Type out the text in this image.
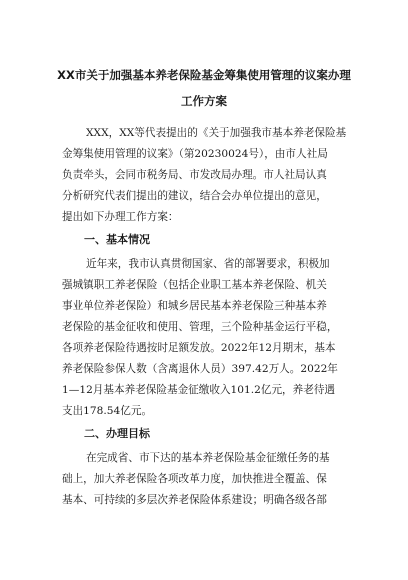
XX市关于加强基本养老保险基金筹集使用管理的议案办理
工作方案
XXX，XX等代表提出的《关于加强我市基本养老保险基
金筹集使用管理的议案》（第20230024号），由市人社局
负责牵头，会同市税务局、市发改局办理。市人社局认真
分析研究代表们提出的建议，结合会办单位提出的意见，
提出如下办理工作方案：
一、基本情况
近年来，我市认真贯彻国家、省的部署要求，积极加
强城镇职工养老保险（包括企业职工基本养老保险、机关
事业单位养老保险）和城乡居民基本养老保险三种基本养
老保险的基金征收和使用、管理，三个险种基金运行平稳，
各项养老保险待遇按时足额发放。2022年12月期末，基本
养老保险参保人数（含离退休人员）397.42万人。2022年
1—12月基本养老保险基金征缴收入101.2亿元，养老待遇
支出178.54亿元。
二、办理目标
在完成省、市下达的基本养老保险基金征缴任务的基
础上，加大养老保险各项改革力度，加快推进全覆盖、保
基本、可持续的多层次养老保险体系建设；明确各级各部
